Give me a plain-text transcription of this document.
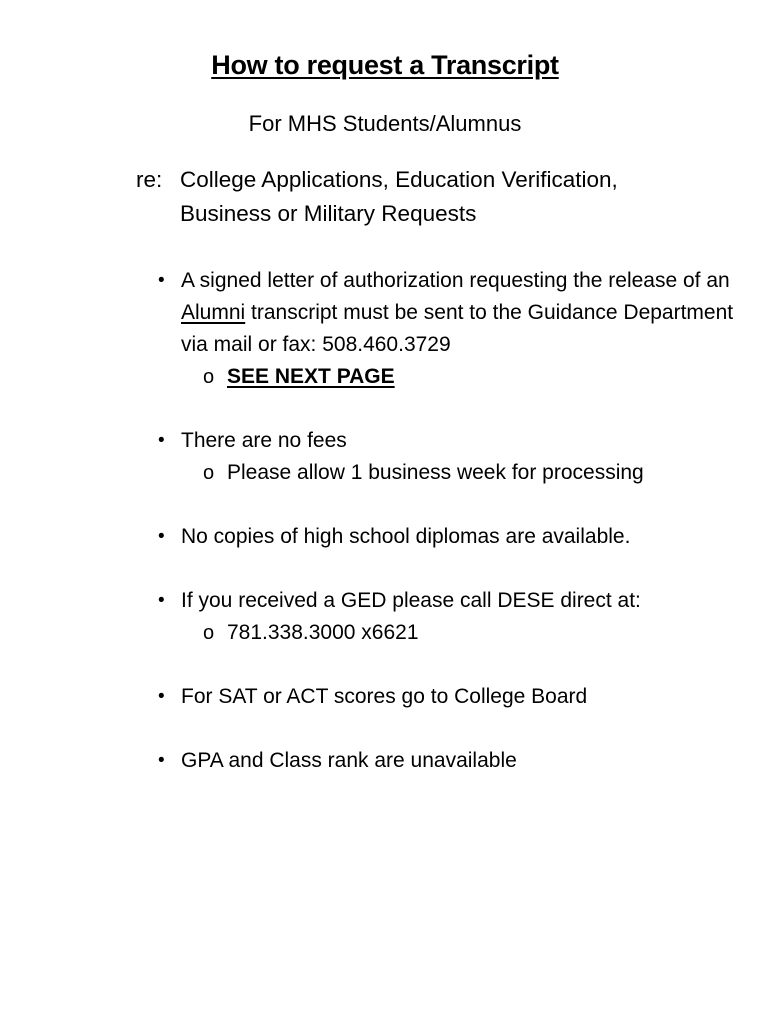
How to request a Transcript
For MHS Students/Alumnus
re: College Applications, Education Verification,
Business or Military Requests
• A signed letter of authorization requesting the release of an Alumni transcript must be sent to the Guidance Department via mail or fax: 508.460.3729
o SEE NEXT PAGE
• There are no fees
o Please allow 1 business week for processing
• No copies of high school diplomas are available.
• If you received a GED please call DESE direct at:
o 781.338.3000 x6621
• For SAT or ACT scores go to College Board
• GPA and Class rank are unavailable
